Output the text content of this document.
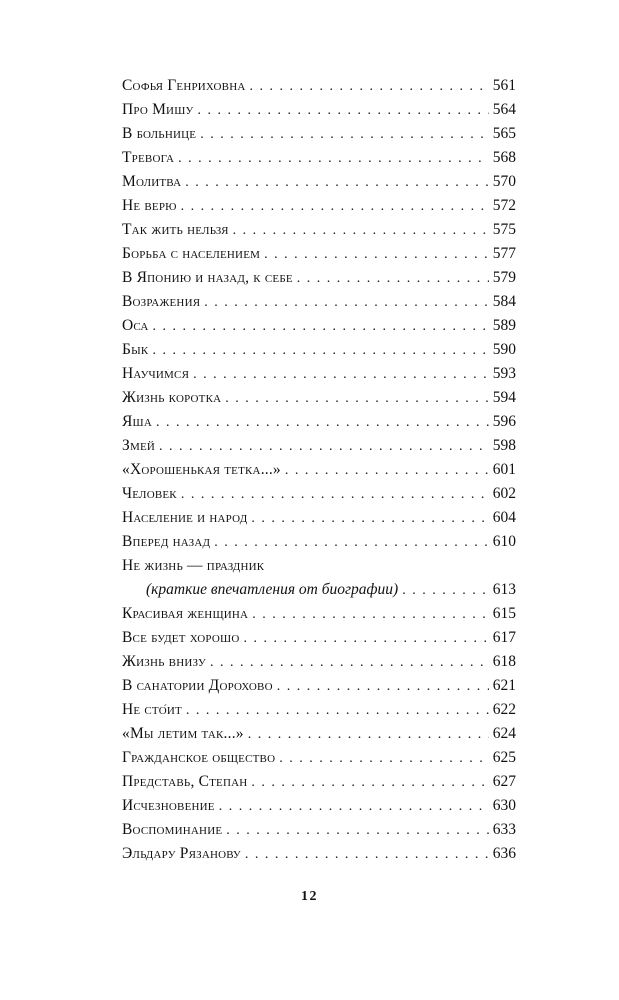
Софья Генриховна . . .	561
Про Мишу . . .	564
В больнице . . .	565
Тревога . . .	568
Молитва . . .	570
Не верю . . .	572
Так жить нельзя . . .	575
Борьба с населением . . .	577
В Японию и назад, к себе . . .	579
Возражения . . .	584
Оса . . .	589
Бык . . .	590
Научимся . . .	593
Жизнь коротка . . .	594
Яша . . .	596
Змей . . .	598
«Хорошенькая тетка...» . . .	601
Человек . . .	602
Население и народ . . .	604
Вперед назад . . .	610
Не жизнь — праздник
(краткие впечатления от биографии) . . .	613
Красивая женщина . . .	615
Все будет хорошо . . .	617
Жизнь внизу . . .	618
В санатории Дорохово . . .	621
Не сто́ит . . .	622
«Мы летим так...» . . .	624
Гражданское общество . . .	625
Представь, Степан . . .	627
Исчезновение . . .	630
Воспоминание . . .	633
Эльдару Рязанову . . .	636
12
